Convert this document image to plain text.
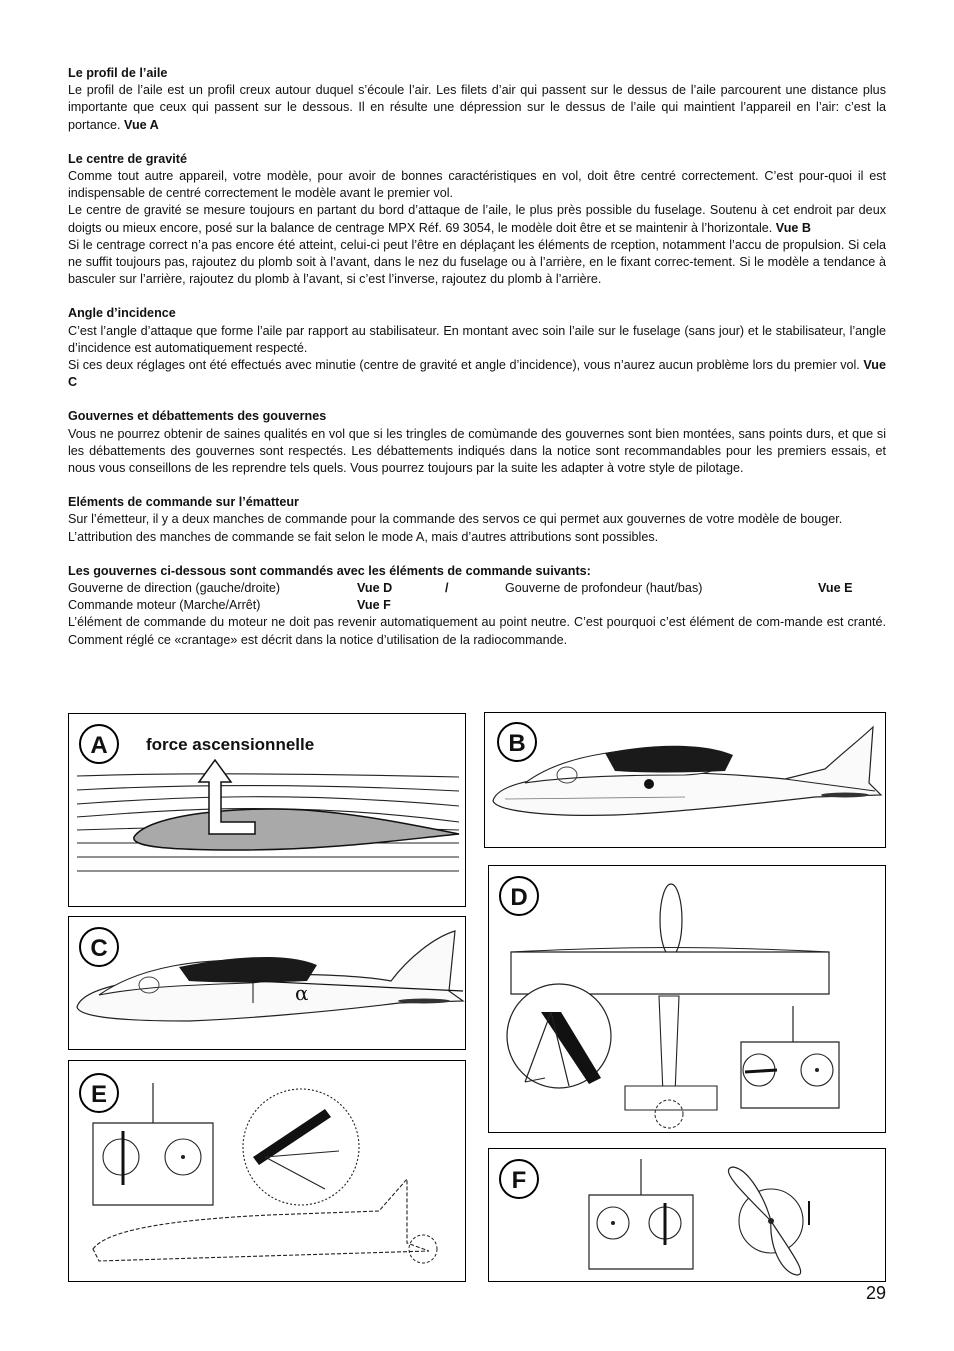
Le profil de l’aile

Le profil de l’aile est un profil creux autour duquel s’écoule l’air. Les filets d’air qui passent sur le dessus de l’aile parcourent une distance plus importante que ceux qui passent sur le dessous. Il en résulte une dépression sur le dessus de l’aile qui maintient l’appareil en l’air: c’est la portance. Vue A

Le centre de gravité

Comme tout autre appareil, votre modèle, pour avoir de bonnes caractéristiques en vol, doit être centré correctement. C’est pour-quoi il est indispensable de centré correctement le modèle avant le premier vol.

Le centre de gravité se mesure toujours en partant du bord d’attaque de l’aile, le plus près possible du fuselage. Soutenu à cet endroit par deux doigts ou mieux encore, posé sur la balance de centrage MPX Réf. 69 3054, le modèle doit être et se maintenir à l’horizontale. Vue B

Si le centrage correct n’a pas encore été atteint, celui-ci peut l’être en déplaçant les éléments de rception, notamment l’accu de propulsion. Si cela ne suffit toujours pas, rajoutez du plomb soit à l’avant, dans le nez du fuselage ou à l’arrière, en le fixant correc-tement. Si le modèle a tendance à basculer sur l’arrière, rajoutez du plomb à l’avant, si c’est l’inverse, rajoutez du plomb à l’arrière.

Angle d’incidence

C’est l’angle d’attaque que forme l’aile par rapport au stabilisateur. En montant avec soin l’aile sur le fuselage (sans jour) et le stabilisateur, l’angle d’incidence est automatiquement respecté.

Si ces deux réglages ont été effectués avec minutie (centre de gravité et angle d’incidence), vous n’aurez aucun problème lors du premier vol. Vue C

Gouvernes et débattements des gouvernes

Vous ne pourrez obtenir de saines qualités en vol que si les tringles de comùmande des gouvernes sont bien montées, sans points durs, et que si les débattements des gouvernes sont respectés. Les débattements indiqués dans la notice sont recommandables pour les premiers essais, et nous vous conseillons de les reprendre tels quels. Vous pourrez toujours par la suite les adapter à votre style de pilotage.

Eléments de commande sur l’ématteur

Sur l’émetteur, il y a deux manches de commande pour la commande des servos ce qui permet aux gouvernes de votre modèle de bouger.

L’attribution des manches de commande se fait selon le mode A, mais d’autres attributions sont possibles.

Les gouvernes ci-dessous sont commandés avec les éléments de commande suivants:

Gouverne de direction (gauche/droite)	Vue D	/	Gouverne de profondeur (haut/bas)	Vue E
Commande moteur (Marche/Arrêt)	Vue F

L’élément de commande du moteur ne doit pas revenir automatiquement au point neutre. C’est pourquoi c’est élément de com-mande est cranté. Comment réglé ce «crantage» est décrit dans la notice d’utilisation de la radiocommande.

A	force ascensionnelle	B
C
α
D
E
F
29
